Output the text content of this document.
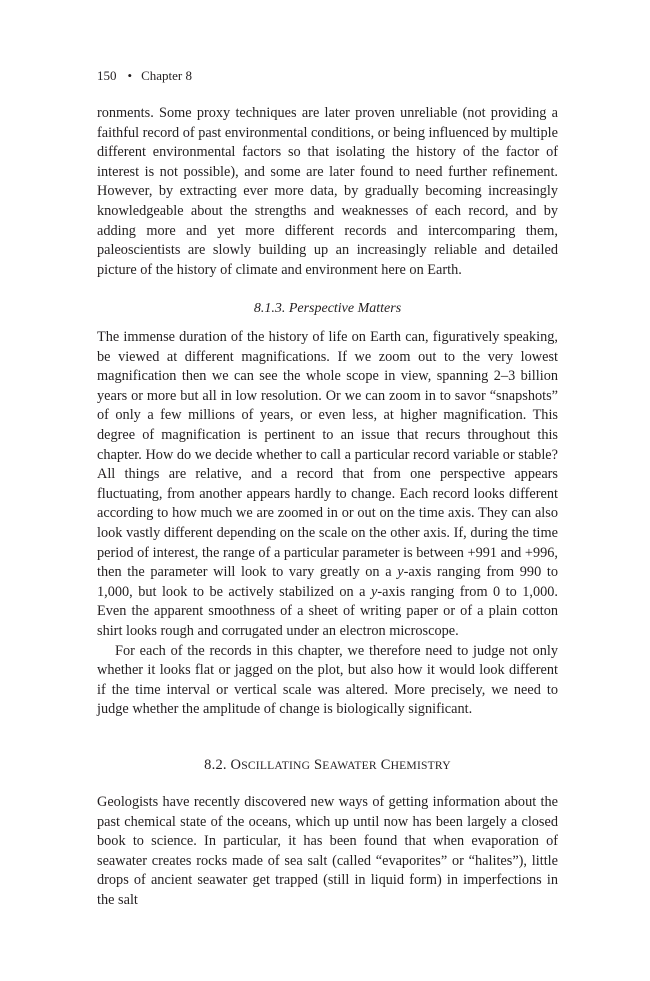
150 • Chapter 8

ronments. Some proxy techniques are later proven unreliable (not providing a faithful record of past environmental conditions, or being influenced by multiple different environmental factors so that isolating the history of the factor of interest is not possible), and some are later found to need further refinement. However, by extracting ever more data, by gradually becoming increasingly knowledgeable about the strengths and weaknesses of each record, and by adding more and yet more different records and intercomparing them, paleoscientists are slowly building up an increasingly reliable and detailed picture of the history of climate and environment here on Earth.

8.1.3. Perspective Matters

The immense duration of the history of life on Earth can, figuratively speaking, be viewed at different magnifications. If we zoom out to the very lowest magnification then we can see the whole scope in view, spanning 2–3 billion years or more but all in low resolution. Or we can zoom in to savor “snapshots” of only a few millions of years, or even less, at higher magnification. This degree of magnification is pertinent to an issue that recurs throughout this chapter. How do we decide whether to call a particular record variable or stable? All things are relative, and a record that from one perspective appears fluctuating, from another appears hardly to change. Each record looks different according to how much we are zoomed in or out on the time axis. They can also look vastly different depending on the scale on the other axis. If, during the time period of interest, the range of a particular parameter is between +991 and +996, then the parameter will look to vary greatly on a y-axis ranging from 990 to 1,000, but look to be actively stabilized on a y-axis ranging from 0 to 1,000. Even the apparent smoothness of a sheet of writing paper or of a plain cotton shirt looks rough and corrugated under an electron microscope.

For each of the records in this chapter, we therefore need to judge not only whether it looks flat or jagged on the plot, but also how it would look different if the time interval or vertical scale was altered. More precisely, we need to judge whether the amplitude of change is biologically significant.

8.2. OSCILLATING SEAWATER CHEMISTRY

Geologists have recently discovered new ways of getting information about the past chemical state of the oceans, which up until now has been largely a closed book to science. In particular, it has been found that when evaporation of seawater creates rocks made of sea salt (called “evaporites” or “halites”), little drops of ancient seawater get trapped (still in liquid form) in imperfections in the salt
